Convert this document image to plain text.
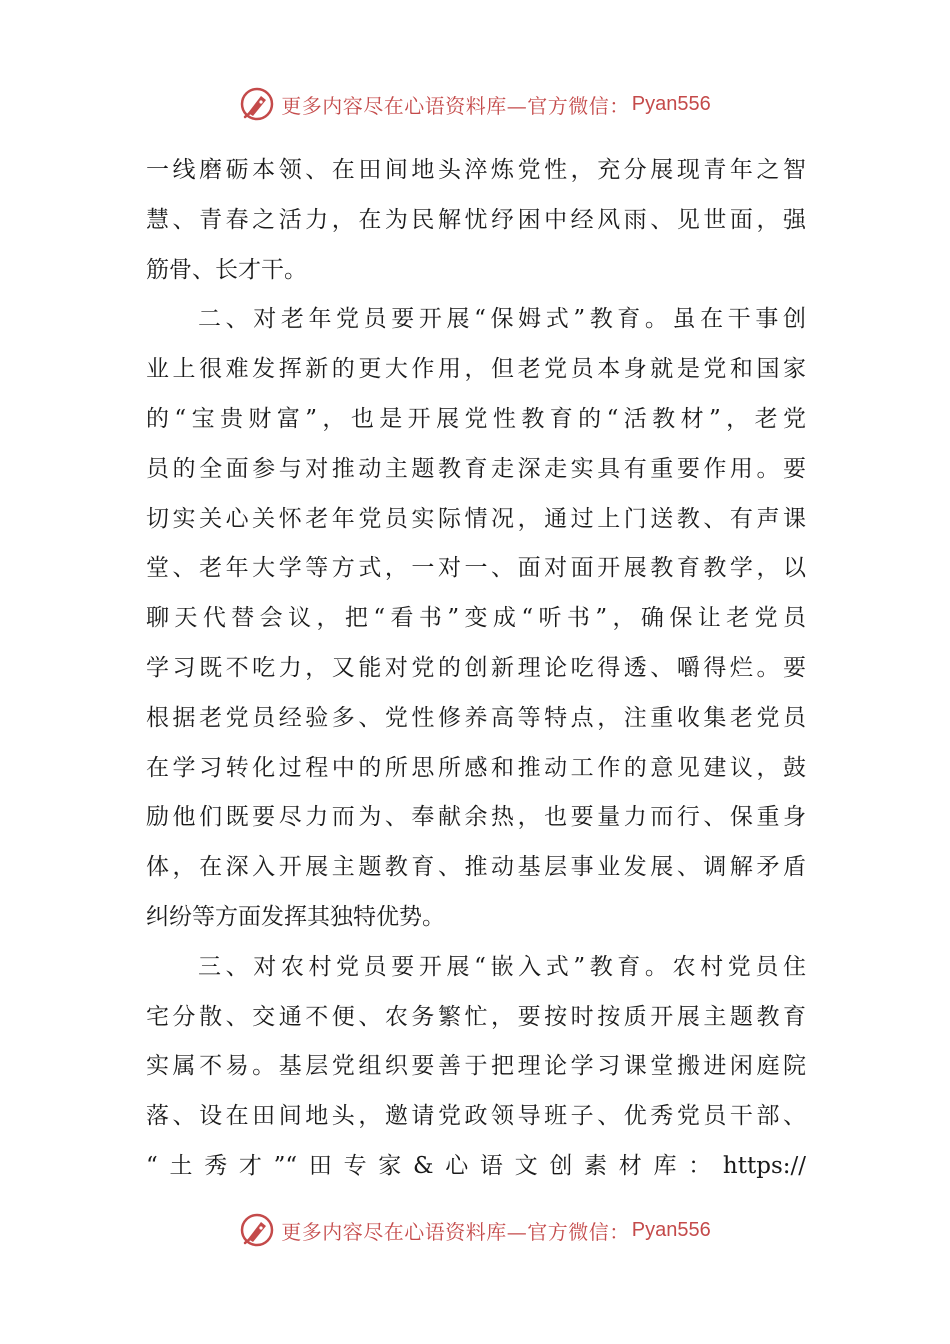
更多内容尽在心语资料库—官方微信： Pyan556
一线磨砺本领、在田间地头淬炼党性，充分展现青年之智
慧、青春之活力，在为民解忧纾困中经风雨、见世面，强
筋骨、长才干。
二、对老年党员要开展“保姆式”教育。虽在干事创
业上很难发挥新的更大作用，但老党员本身就是党和国家
的“宝贵财富”，也是开展党性教育的“活教材”，老党
员的全面参与对推动主题教育走深走实具有重要作用。要
切实关心关怀老年党员实际情况，通过上门送教、有声课
堂、老年大学等方式，一对一、面对面开展教育教学，以
聊天代替会议，把“看书”变成“听书”，确保让老党员
学习既不吃力，又能对党的创新理论吃得透、嚼得烂。要
根据老党员经验多、党性修养高等特点，注重收集老党员
在学习转化过程中的所思所感和推动工作的意见建议，鼓
励他们既要尽力而为、奉献余热，也要量力而行、保重身
体，在深入开展主题教育、推动基层事业发展、调解矛盾
纠纷等方面发挥其独特优势。
三、对农村党员要开展“嵌入式”教育。农村党员住
宅分散、交通不便、农务繁忙，要按时按质开展主题教育
实属不易。基层党组织要善于把理论学习课堂搬进闲庭院
落、设在田间地头，邀请党政领导班子、优秀党员干部、
“土秀才”“田专家&心语文创素材库：https://
更多内容尽在心语资料库—官方微信： Pyan556
